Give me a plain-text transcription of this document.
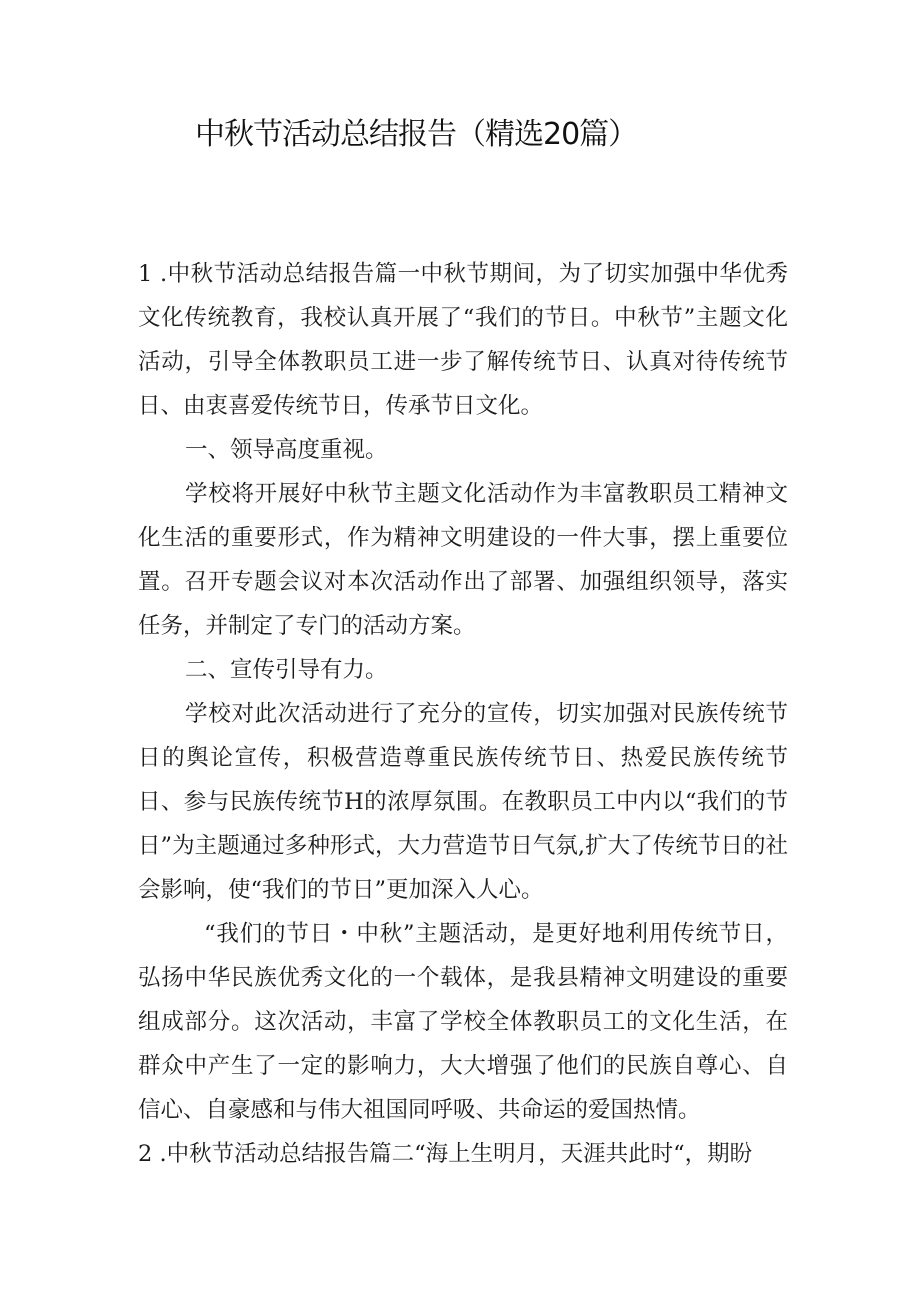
中秋节活动总结报告（精选20篇）

1 .中秋节活动总结报告篇一中秋节期间，为了切实加强中华优秀文化传统教育，我校认真开展了“我们的节日。中秋节”主题文化活动，引导全体教职员工进一步了解传统节日、认真对待传统节日、由衷喜爱传统节日，传承节日文化。

一、领导高度重视。

学校将开展好中秋节主题文化活动作为丰富教职员工精神文化生活的重要形式，作为精神文明建设的一件大事，摆上重要位置。召开专题会议对本次活动作出了部署、加强组织领导，落实任务，并制定了专门的活动方案。

二、宣传引导有力。

学校对此次活动进行了充分的宣传，切实加强对民族传统节日的舆论宣传，积极营造尊重民族传统节日、热爱民族传统节日、参与民族传统节H的浓厚氛围。在教职员工中内以“我们的节日”为主题通过多种形式，大力营造节日气氛,扩大了传统节日的社会影响，使“我们的节日”更加深入人心。

“我们的节日・中秋”主题活动，是更好地利用传统节日，弘扬中华民族优秀文化的一个载体，是我县精神文明建设的重要组成部分。这次活动，丰富了学校全体教职员工的文化生活，在群众中产生了一定的影响力，大大增强了他们的民族自尊心、自信心、自豪感和与伟大祖国同呼吸、共命运的爱国热情。

2 .中秋节活动总结报告篇二“海上生明月，天涯共此时“，期盼
